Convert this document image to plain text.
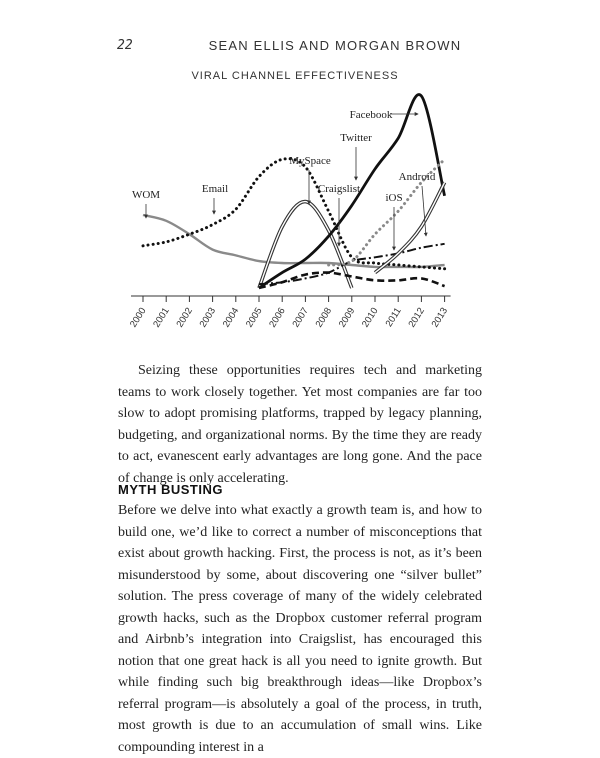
22	SEAN ELLIS AND MORGAN BROWN
VIRAL CHANNEL EFFECTIVENESS
2000 2001 2002 2003 2004 2005 2006 2007 2008 2009 2010 2011 2012 2013
WOM	Email
MySpace
Craigslist
Twitter
Facebook
iOS
Android

Seizing these opportunities requires tech and marketing teams to work closely together. Yet most companies are far too slow to adopt promising platforms, trapped by legacy planning, budgeting, and organizational norms. By the time they are ready to act, evanescent early advantages are long gone. And the pace of change is only accelerating.

MYTH BUSTING

Before we delve into what exactly a growth team is, and how to build one, we’d like to correct a number of misconceptions that exist about growth hacking. First, the process is not, as it’s been misunderstood by some, about discovering one “silver bullet” solution. The press coverage of many of the widely celebrated growth hacks, such as the Dropbox customer referral program and Airbnb’s integration into Craigslist, has encouraged this notion that one great hack is all you need to ignite growth. But while finding such big breakthrough ideas—like Dropbox’s referral program—is absolutely a goal of the process, in truth, most growth is due to an accumulation of small wins. Like compounding interest in a
